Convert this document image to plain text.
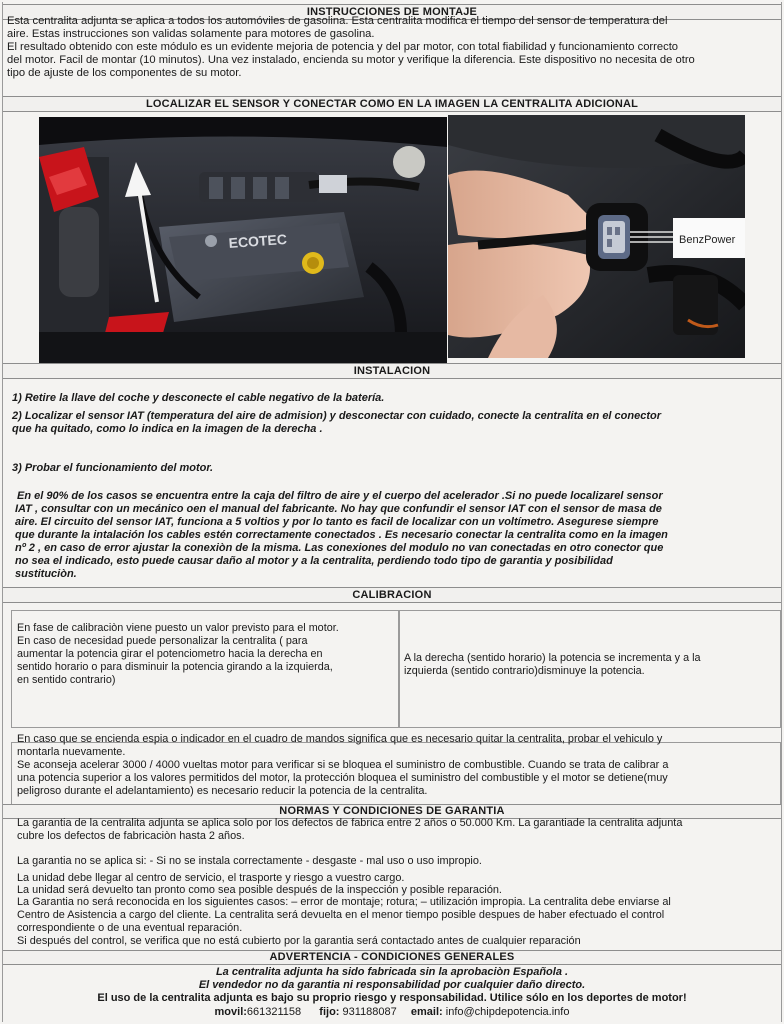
INSTRUCCIONES DE MONTAJE
Esta centralita adjunta se aplica a todos los automóviles de gasolina. Esta centralita modifica el tiempo del sensor de temperatura del
aire. Estas instrucciones son validas solamente para motores de gasolina.
El resultado obtenido con este módulo es un evidente mejoria de potencia y del par motor, con total fiabilidad y funcionamiento correcto
del motor. Facil de montar (10 minutos). Una vez instalado, encienda su motor y verifique la diferencia. Este dispositivo no necesita de otro
tipo de ajuste de los componentes de su motor.
LOCALIZAR EL SENSOR Y CONECTAR COMO EN LA IMAGEN LA CENTRALITA ADICIONAL
ECOTEC	BenzPower
INSTALACION
1) Retire la llave del coche y desconecte el cable negativo de la batería.
2) Localizar el sensor IAT (temperatura del aire de admision) y desconectar con cuidado, conecte la centralita en el conector
que ha quitado, como lo indica en la imagen de la derecha .
3) Probar el funcionamiento del motor.
En el 90% de los casos se encuentra entre la caja del filtro de aire y el cuerpo del acelerador .Si no puede localizarel sensor
IAT , consultar con un mecánico oen el manual del fabricante. No hay que confundir el sensor IAT con el sensor de masa de
aire. El circuito del sensor IAT, funciona a 5 voltios y por lo tanto es facil de localizar con un voltímetro. Asegurese siempre
que durante la intalación los cables estén correctamente conectados . Es necesario conectar la centralita como en la imagen
nº 2 , en caso de error ajustar la conexiòn de la misma. Las conexiones del modulo no van conectadas en otro conector que
no sea el indicado, esto puede causar daño al motor y a la centralita, perdiendo todo tipo de garantia y posibilidad
sustituciòn.
CALIBRACION
En fase de calibraciòn viene puesto un valor previsto para el motor.
En caso de necesidad puede personalizar la centralita ( para
aumentar la potencia girar el potenciometro hacia la derecha en
sentido horario o para disminuir la potencia girando a la izquierda,
en sentido contrario)
A la derecha (sentido horario) la potencia se incrementa y a la
izquierda (sentido contrario)disminuye la potencia.
En caso que se encienda espia o indicador en el cuadro de mandos significa que es necesario quitar la centralita, probar el vehiculo y
montarla nuevamente.
Se aconseja acelerar 3000 / 4000 vueltas motor para verificar si se bloquea el suministro de combustible. Cuando se trata de calibrar a
una potencia superior a los valores permitidos del motor, la protección bloquea el suministro del combustible y el motor se detiene(muy
peligroso durante el adelantamiento) es necesario reducir la potencia de la centralita.
NORMAS Y CONDICIONES DE GARANTIA
La garantia de la centralita adjunta se aplica solo por los defectos de fabrica entre 2 años o 50.000 Km. La garantiade la centralita adjunta
cubre los defectos de fabricaciòn hasta 2 años.
La garantia no se aplica si: - Si no se instala correctamente - desgaste - mal uso o uso impropio.
La unidad debe llegar al centro de servicio, el trasporte y riesgo a vuestro cargo.
La unidad será devuelto tan pronto como sea posible después de la inspección y posible reparación.
La Garantia no será reconocida en los siguientes casos: – error de montaje; rotura; – utilización impropia. La centralita debe enviarse al
Centro de Asistencia a cargo del cliente. La centralita será devuelta en el menor tiempo posible despues de haber efectuado el control
correspondiente o de una eventual reparación.
Si después del control, se verifica que no está cubierto por la garantia será contactado antes de cualquier reparación
ADVERTENCIA - CONDICIONES GENERALES
La centralita adjunta ha sido fabricada sin la aprobaciòn Española .
El vendedor no da garantia ni responsabilidad por cualquier daño directo.
El uso de la centralita adjunta es bajo su proprio riesgo y responsabilidad. Utilice sólo en los deportes de motor!
movil:661321158 fijo: 931188087 email: info@chipdepotencia.info
